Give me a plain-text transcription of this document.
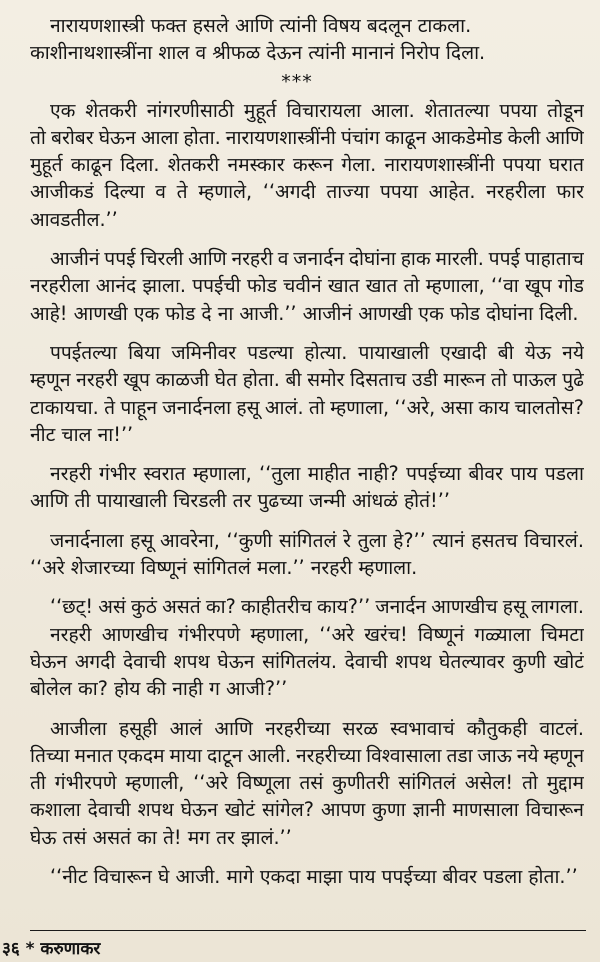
नारायणशास्त्री फक्त हसले आणि त्यांनी विषय बदलून टाकला.
काशीनाथशास्त्रींना शाल व श्रीफळ देऊन त्यांनी मानानं निरोप दिला.
***
एक शेतकरी नांगरणीसाठी मुहूर्त विचारायला आला. शेतातल्या पपया तोडून
तो बरोबर घेऊन आला होता. नारायणशास्त्रींनी पंचांग काढून आकडेमोड केली आणि
मुहूर्त काढून दिला. शेतकरी नमस्कार करून गेला. नारायणशास्त्रींनी पपया घरात
आजीकडं दिल्या व ते म्हणाले, ‘‘अगदी ताज्या पपया आहेत. नरहरीला फार
आवडतील.’’
आजीनं पपई चिरली आणि नरहरी व जनार्दन दोघांना हाक मारली. पपई पाहाताच
नरहरीला आनंद झाला. पपईची फोड चवीनं खात खात तो म्हणाला, ‘‘वा खूप गोड
आहे! आणखी एक फोड दे ना आजी.’’ आजीनं आणखी एक फोड दोघांना दिली.
पपईतल्या बिया जमिनीवर पडल्या होत्या. पायाखाली एखादी बी येऊ नये
म्हणून नरहरी खूप काळजी घेत होता. बी समोर दिसताच उडी मारून तो पाऊल पुढे
टाकायचा. ते पाहून जनार्दनला हसू आलं. तो म्हणाला, ‘‘अरे, असा काय चालतोस?
नीट चाल ना!’’
नरहरी गंभीर स्वरात म्हणाला, ‘‘तुला माहीत नाही? पपईच्या बीवर पाय पडला
आणि ती पायाखाली चिरडली तर पुढच्या जन्मी आंधळं होतं!’’
जनार्दनाला हसू आवरेना, ‘‘कुणी सांगितलं रे तुला हे?’’ त्यानं हसतच विचारलं.
‘‘अरे शेजारच्या विष्णूनं सांगितलं मला.’’ नरहरी म्हणाला.
‘‘छट्! असं कुठं असतं का? काहीतरीच काय?’’ जनार्दन आणखीच हसू लागला.
नरहरी आणखीच गंभीरपणे म्हणाला, ‘‘अरे खरंच! विष्णूनं गळ्याला चिमटा
घेऊन अगदी देवाची शपथ घेऊन सांगितलंय. देवाची शपथ घेतल्यावर कुणी खोटं
बोलेल का? होय की नाही ग आजी?’’
आजीला हसूही आलं आणि नरहरीच्या सरळ स्वभावाचं कौतुकही वाटलं.
तिच्या मनात एकदम माया दाटून आली. नरहरीच्या विश्वासाला तडा जाऊ नये म्हणून
ती गंभीरपणे म्हणाली, ‘‘अरे विष्णूला तसं कुणीतरी सांगितलं असेल! तो मुद्दाम
कशाला देवाची शपथ घेऊन खोटं सांगेल? आपण कुणा ज्ञानी माणसाला विचारून
घेऊ तसं असतं का ते! मग तर झालं.’’
‘‘नीट विचारून घे आजी. मागे एकदा माझा पाय पपईच्या बीवर पडला होता.’’
३६ * करुणाकर
